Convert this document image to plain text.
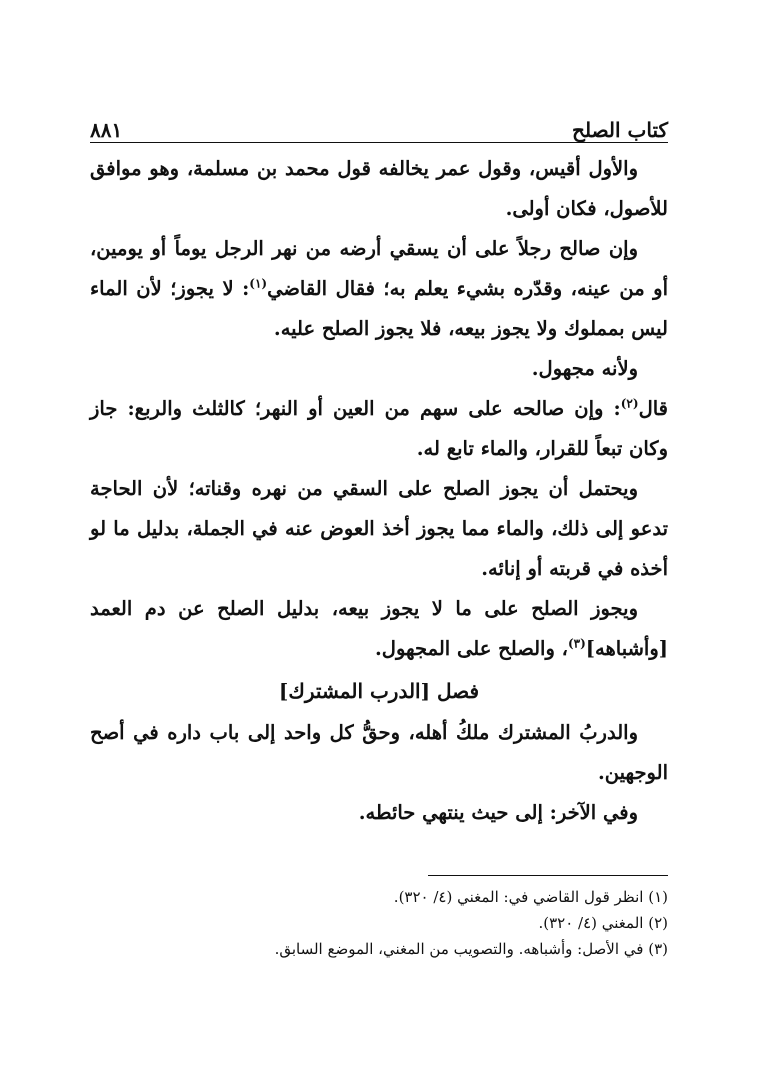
كتاب الصلح
٨٨١

والأول أقيس، وقول عمر يخالفه قول محمد بن مسلمة، وهو موافق للأصول، فكان أولى.

وإن صالح رجلاً على أن يسقي أرضه من نهر الرجل يوماً أو يومين، أو من عينه، وقدّره بشيء يعلم به؛ فقال القاضي$^{(١)}$: لا يجوز؛ لأن الماء ليس بمملوك ولا يجوز بيعه، فلا يجوز الصلح عليه.

ولأنه مجهول.

قال$^{(٢)}$: وإن صالحه على سهم من العين أو النهر؛ كالثلث والربع: جاز وكان تبعاً للقرار، والماء تابع له.

ويحتمل أن يجوز الصلح على السقي من نهره وقناته؛ لأن الحاجة تدعو إلى ذلك، والماء مما يجوز أخذ العوض عنه في الجملة، بدليل ما لو أخذه في قربته أو إنائه.

ويجوز الصلح على ما لا يجوز بيعه، بدليل الصلح عن دم العمد [وأشباهه]$^{(٣)}$، والصلح على المجهول.

فصل [الدرب المشترك]

والدربُ المشترك ملكُ أهله، وحقُّ كل واحد إلى باب داره في أصح الوجهين.

وفي الآخر: إلى حيث ينتهي حائطه.

(١) انظر قول القاضي في: المغني (٤/ ٣٢٠).

(٢) المغني (٤/ ٣٢٠).

(٣) في الأصل: وأشباهه. والتصويب من المغني، الموضع السابق.
